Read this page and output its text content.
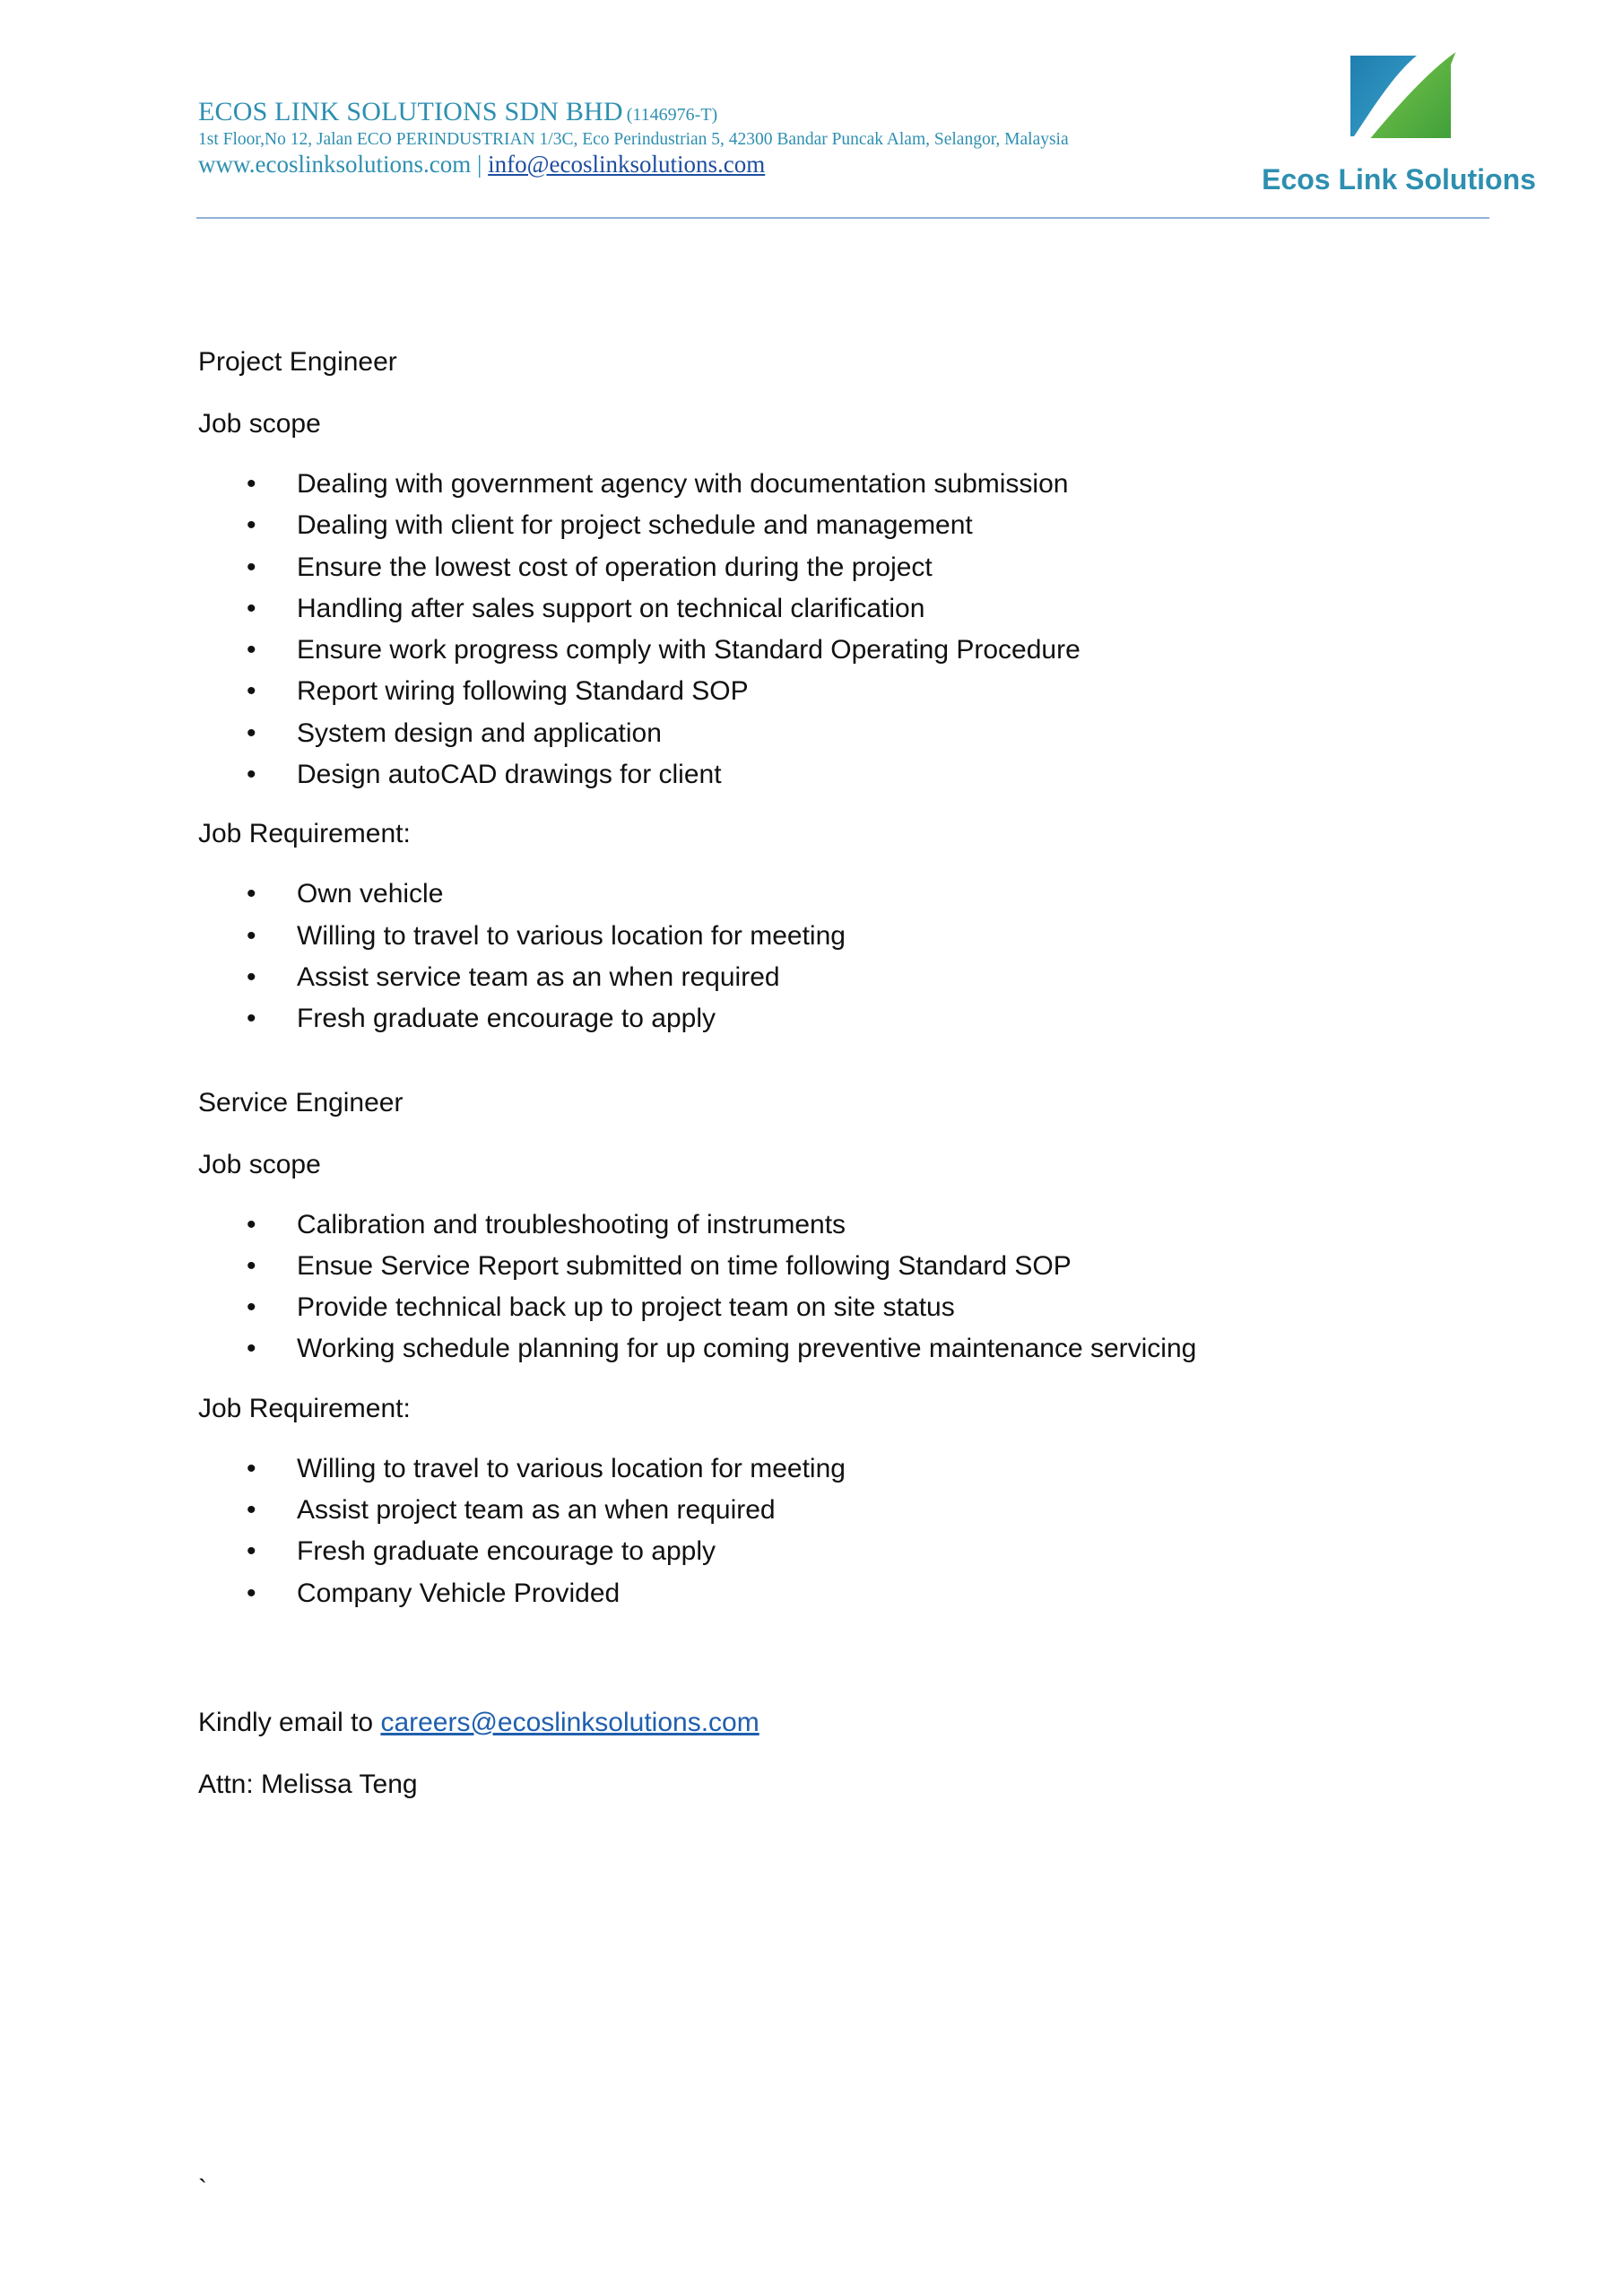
ECOS LINK SOLUTIONS SDN BHD (1146976-T)
1st Floor,No 12, Jalan ECO PERINDUSTRIAN 1/3C, Eco Perindustrian 5, 42300 Bandar Puncak Alam, Selangor, Malaysia
www.ecoslinksolutions.com | info@ecoslinksolutions.com	Ecos Link Solutions

Project Engineer

Job scope

• Dealing with government agency with documentation submission
• Dealing with client for project schedule and management
• Ensure the lowest cost of operation during the project
• Handling after sales support on technical clarification
• Ensure work progress comply with Standard Operating Procedure
• Report wiring following Standard SOP
• System design and application
• Design autoCAD drawings for client

Job Requirement:

• Own vehicle
• Willing to travel to various location for meeting
• Assist service team as an when required
• Fresh graduate encourage to apply

Service Engineer

Job scope

• Calibration and troubleshooting of instruments
• Ensue Service Report submitted on time following Standard SOP
• Provide technical back up to project team on site status
• Working schedule planning for up coming preventive maintenance servicing

Job Requirement:

• Willing to travel to various location for meeting
• Assist project team as an when required
• Fresh graduate encourage to apply
• Company Vehicle Provided

Kindly email to careers@ecoslinksolutions.com

Attn: Melissa Teng

`
